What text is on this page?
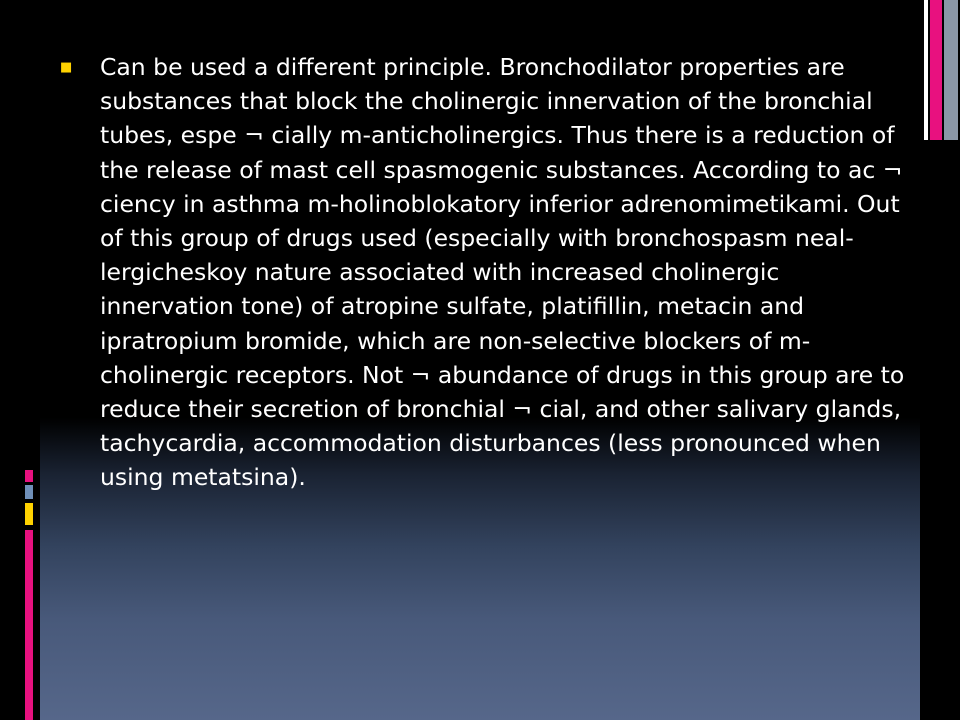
■	Can be used a different principle. Bronchodilator properties are substances that block the cholinergic innervation of the bronchial tubes, espe ¬ cially m-anticholinergics. Thus there is a reduction of the release of mast cell spasmogenic substances. According to ac ¬ ciency in asthma m-holinoblokatory inferior adrenomimetikami. Out of this group of drugs used (especially with bronchospasm neal-lergicheskoy nature associated with increased cholinergic innervation tone) of atropine sulfate, platifillin, metacin and ipratropium bromide, which are non-selective blockers of m-cholinergic receptors. Not ¬ abundance of drugs in this group are to reduce their secretion of bronchial ¬ cial, and other salivary glands, tachycardia, accommodation disturbances (less pronounced when using metatsina).
